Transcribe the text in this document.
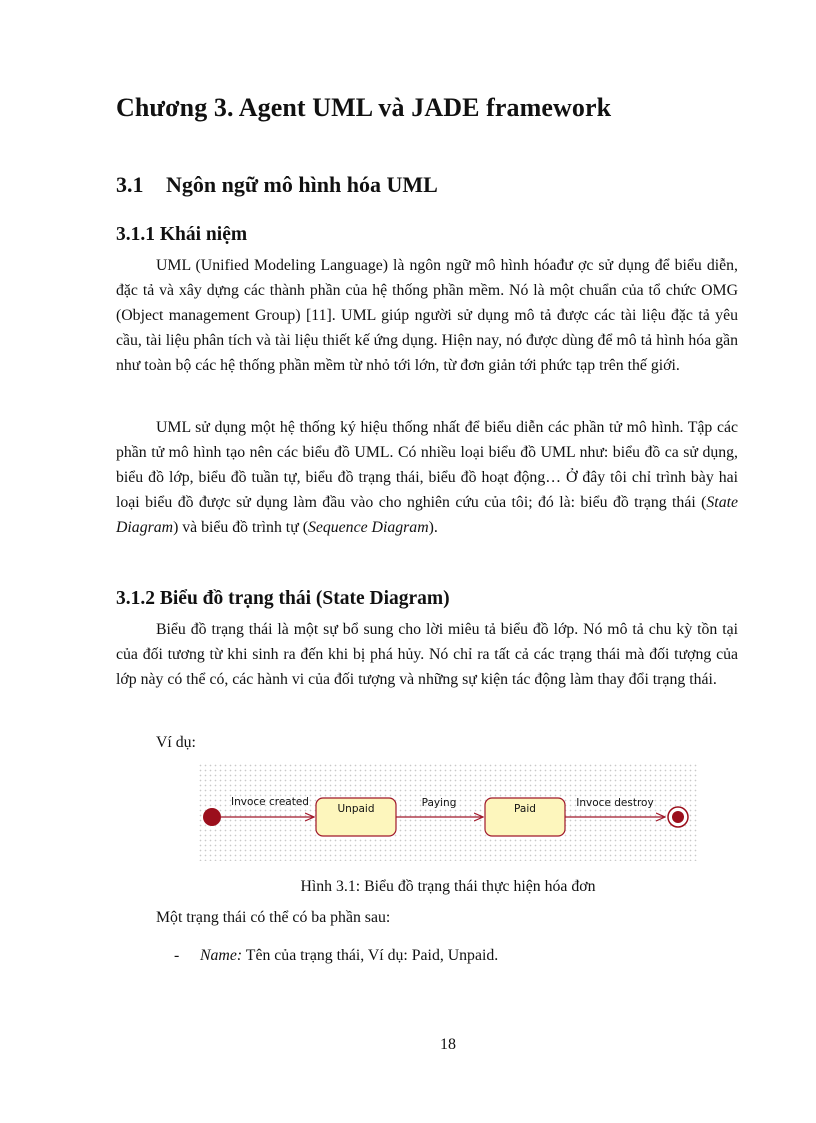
Chương 3. Agent UML và JADE framework
3.1 Ngôn ngữ mô hình hóa UML
3.1.1 Khái niệm

UML (Unified Modeling Language) là ngôn ngữ mô hình hóađư ợc sử dụng để biểu diễn, đặc tả và xây dựng các thành phần của hệ thống phần mềm. Nó là một chuẩn của tổ chức OMG (Object management Group) [11]. UML giúp người sử dụng mô tả được các tài liệu đặc tả yêu cầu, tài liệu phân tích và tài liệu thiết kế ứng dụng. Hiện nay, nó được dùng để mô tả hình hóa gần như toàn bộ các hệ thống phần mềm từ nhỏ tới lớn, từ đơn giản tới phức tạp trên thế giới.

UML sử dụng một hệ thống ký hiệu thống nhất để biểu diễn các phần tử mô hình. Tập các phần tử mô hình tạo nên các biểu đồ UML. Có nhiều loại biểu đồ UML như: biểu đồ ca sử dụng, biểu đồ lớp, biểu đồ tuần tự, biểu đồ trạng thái, biểu đồ hoạt động… Ở đây tôi chỉ trình bày hai loại biểu đồ được sử dụng làm đầu vào cho nghiên cứu của tôi; đó là: biểu đồ trạng thái (State Diagram) và biểu đồ trình tự (Sequence Diagram).

3.1.2 Biểu đồ trạng thái (State Diagram)

Biểu đồ trạng thái là một sự bổ sung cho lời miêu tả biểu đồ lớp. Nó mô tả chu kỳ tồn tại của đối tương từ khi sinh ra đến khi bị phá hủy. Nó chỉ ra tất cả các trạng thái mà đối tượng của lớp này có thể có, các hành vi của đối tượng và những sự kiện tác động làm thay đổi trạng thái.

Ví dụ:

Invoce created
Unpaid	Paying	Paid	Invoce destroy

Hình 3.1: Biểu đồ trạng thái thực hiện hóa đơn

Một trạng thái có thể có ba phần sau:

- Name: Tên của trạng thái, Ví dụ: Paid, Unpaid.

18
